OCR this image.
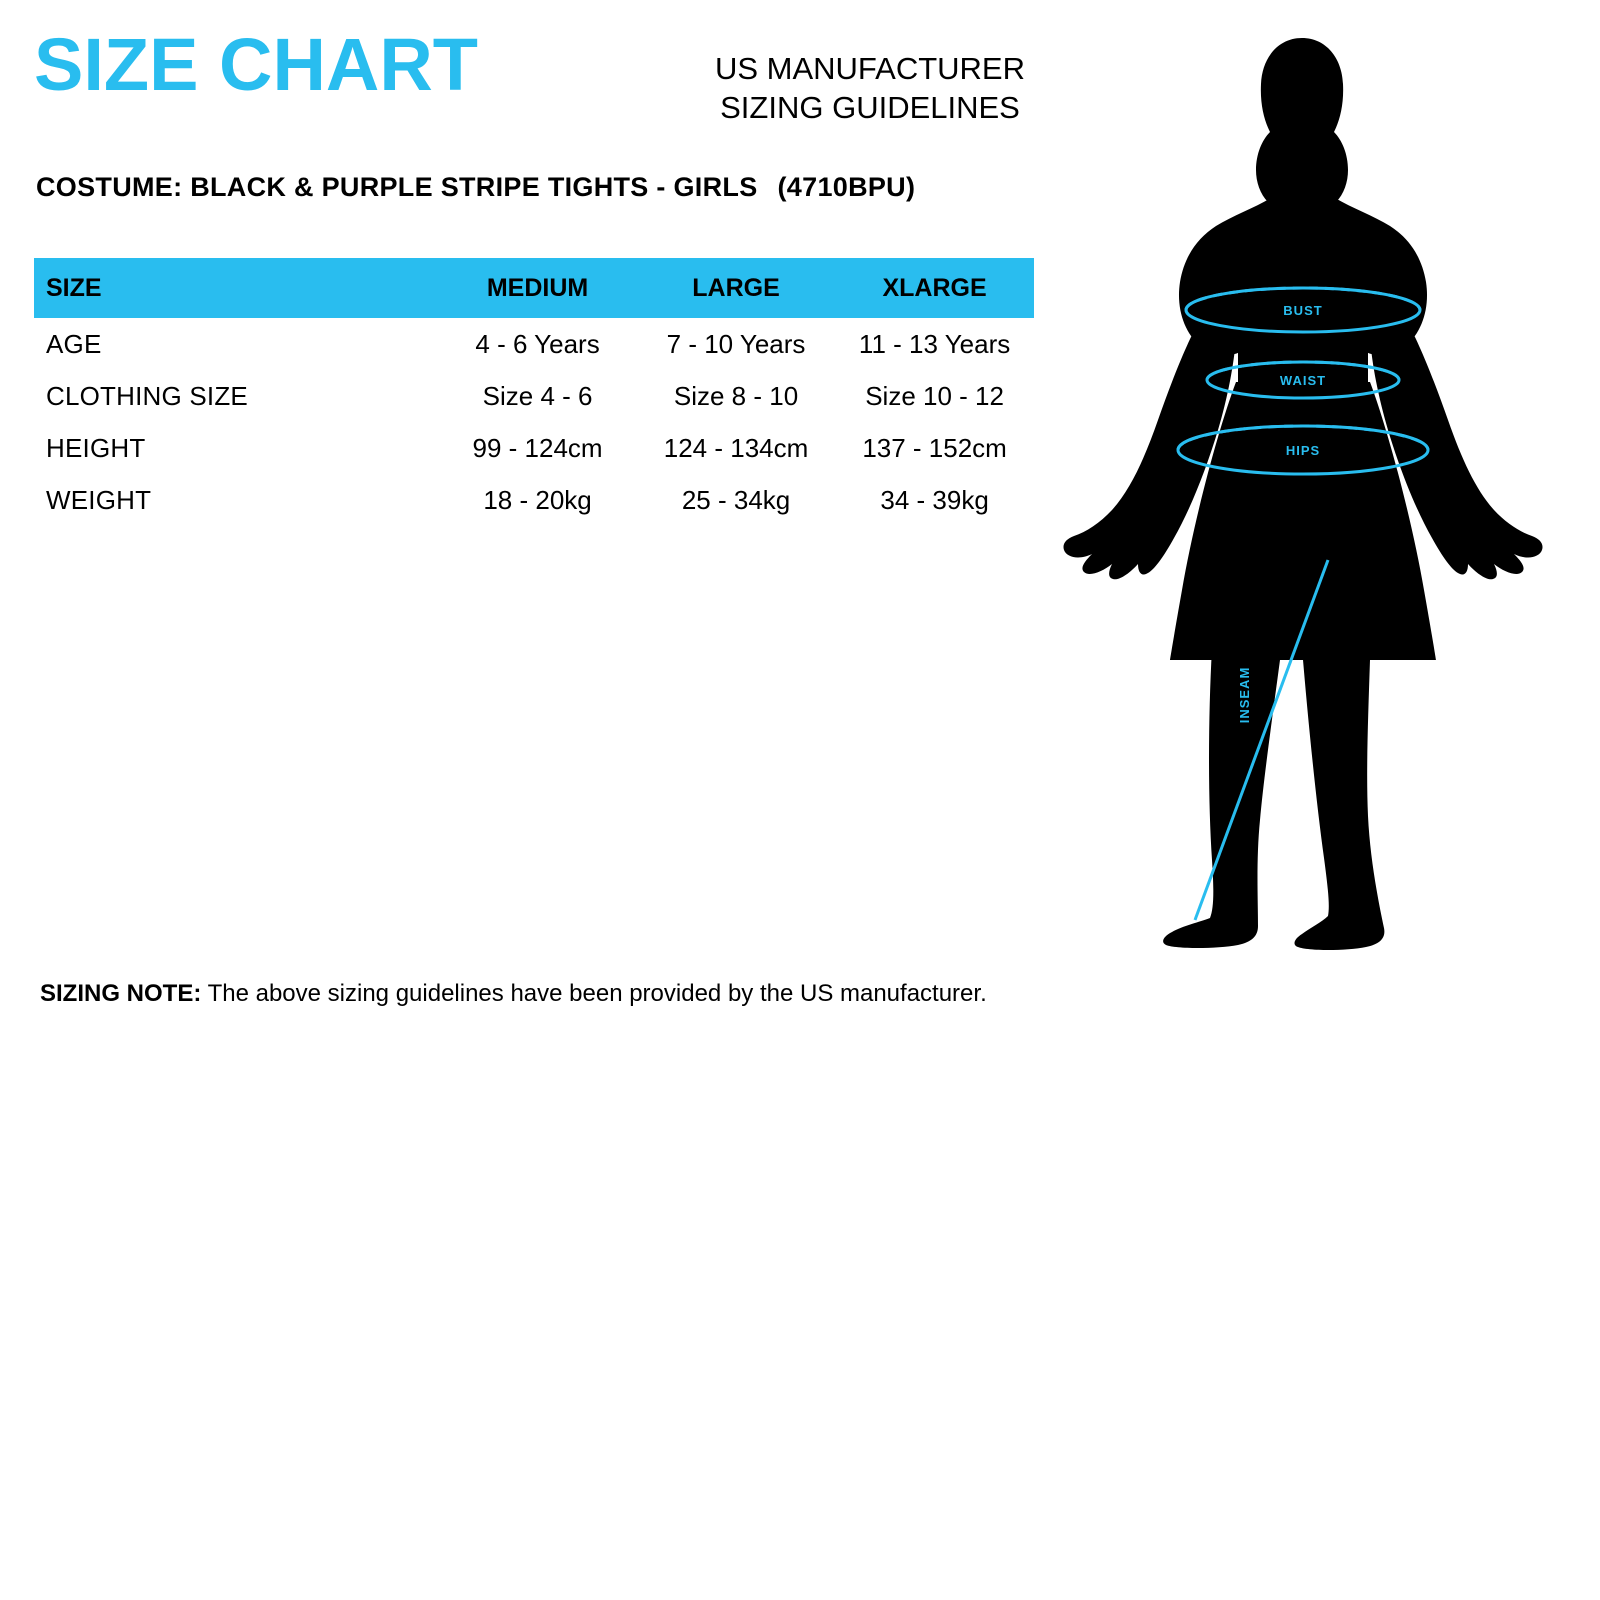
SIZE CHART	US MANUFACTURER
SIZING GUIDELINES
COSTUME: BLACK & PURPLE STRIPE TIGHTS - GIRLS (4710BPU)
SIZE	MEDIUM	LARGE	XLARGE
AGE	4 - 6 Years	7 - 10 Years	11 - 13 Years
CLOTHING SIZE	Size 4 - 6	Size 8 - 10	Size 10 - 12
HEIGHT	99 - 124cm	124 - 134cm	137 - 152cm
WEIGHT	18 - 20kg	25 - 34kg	34 - 39kg
SIZING NOTE: The above sizing guidelines have been provided by the US manufacturer.
BUST
WAIST
HIPS
INSEAM
